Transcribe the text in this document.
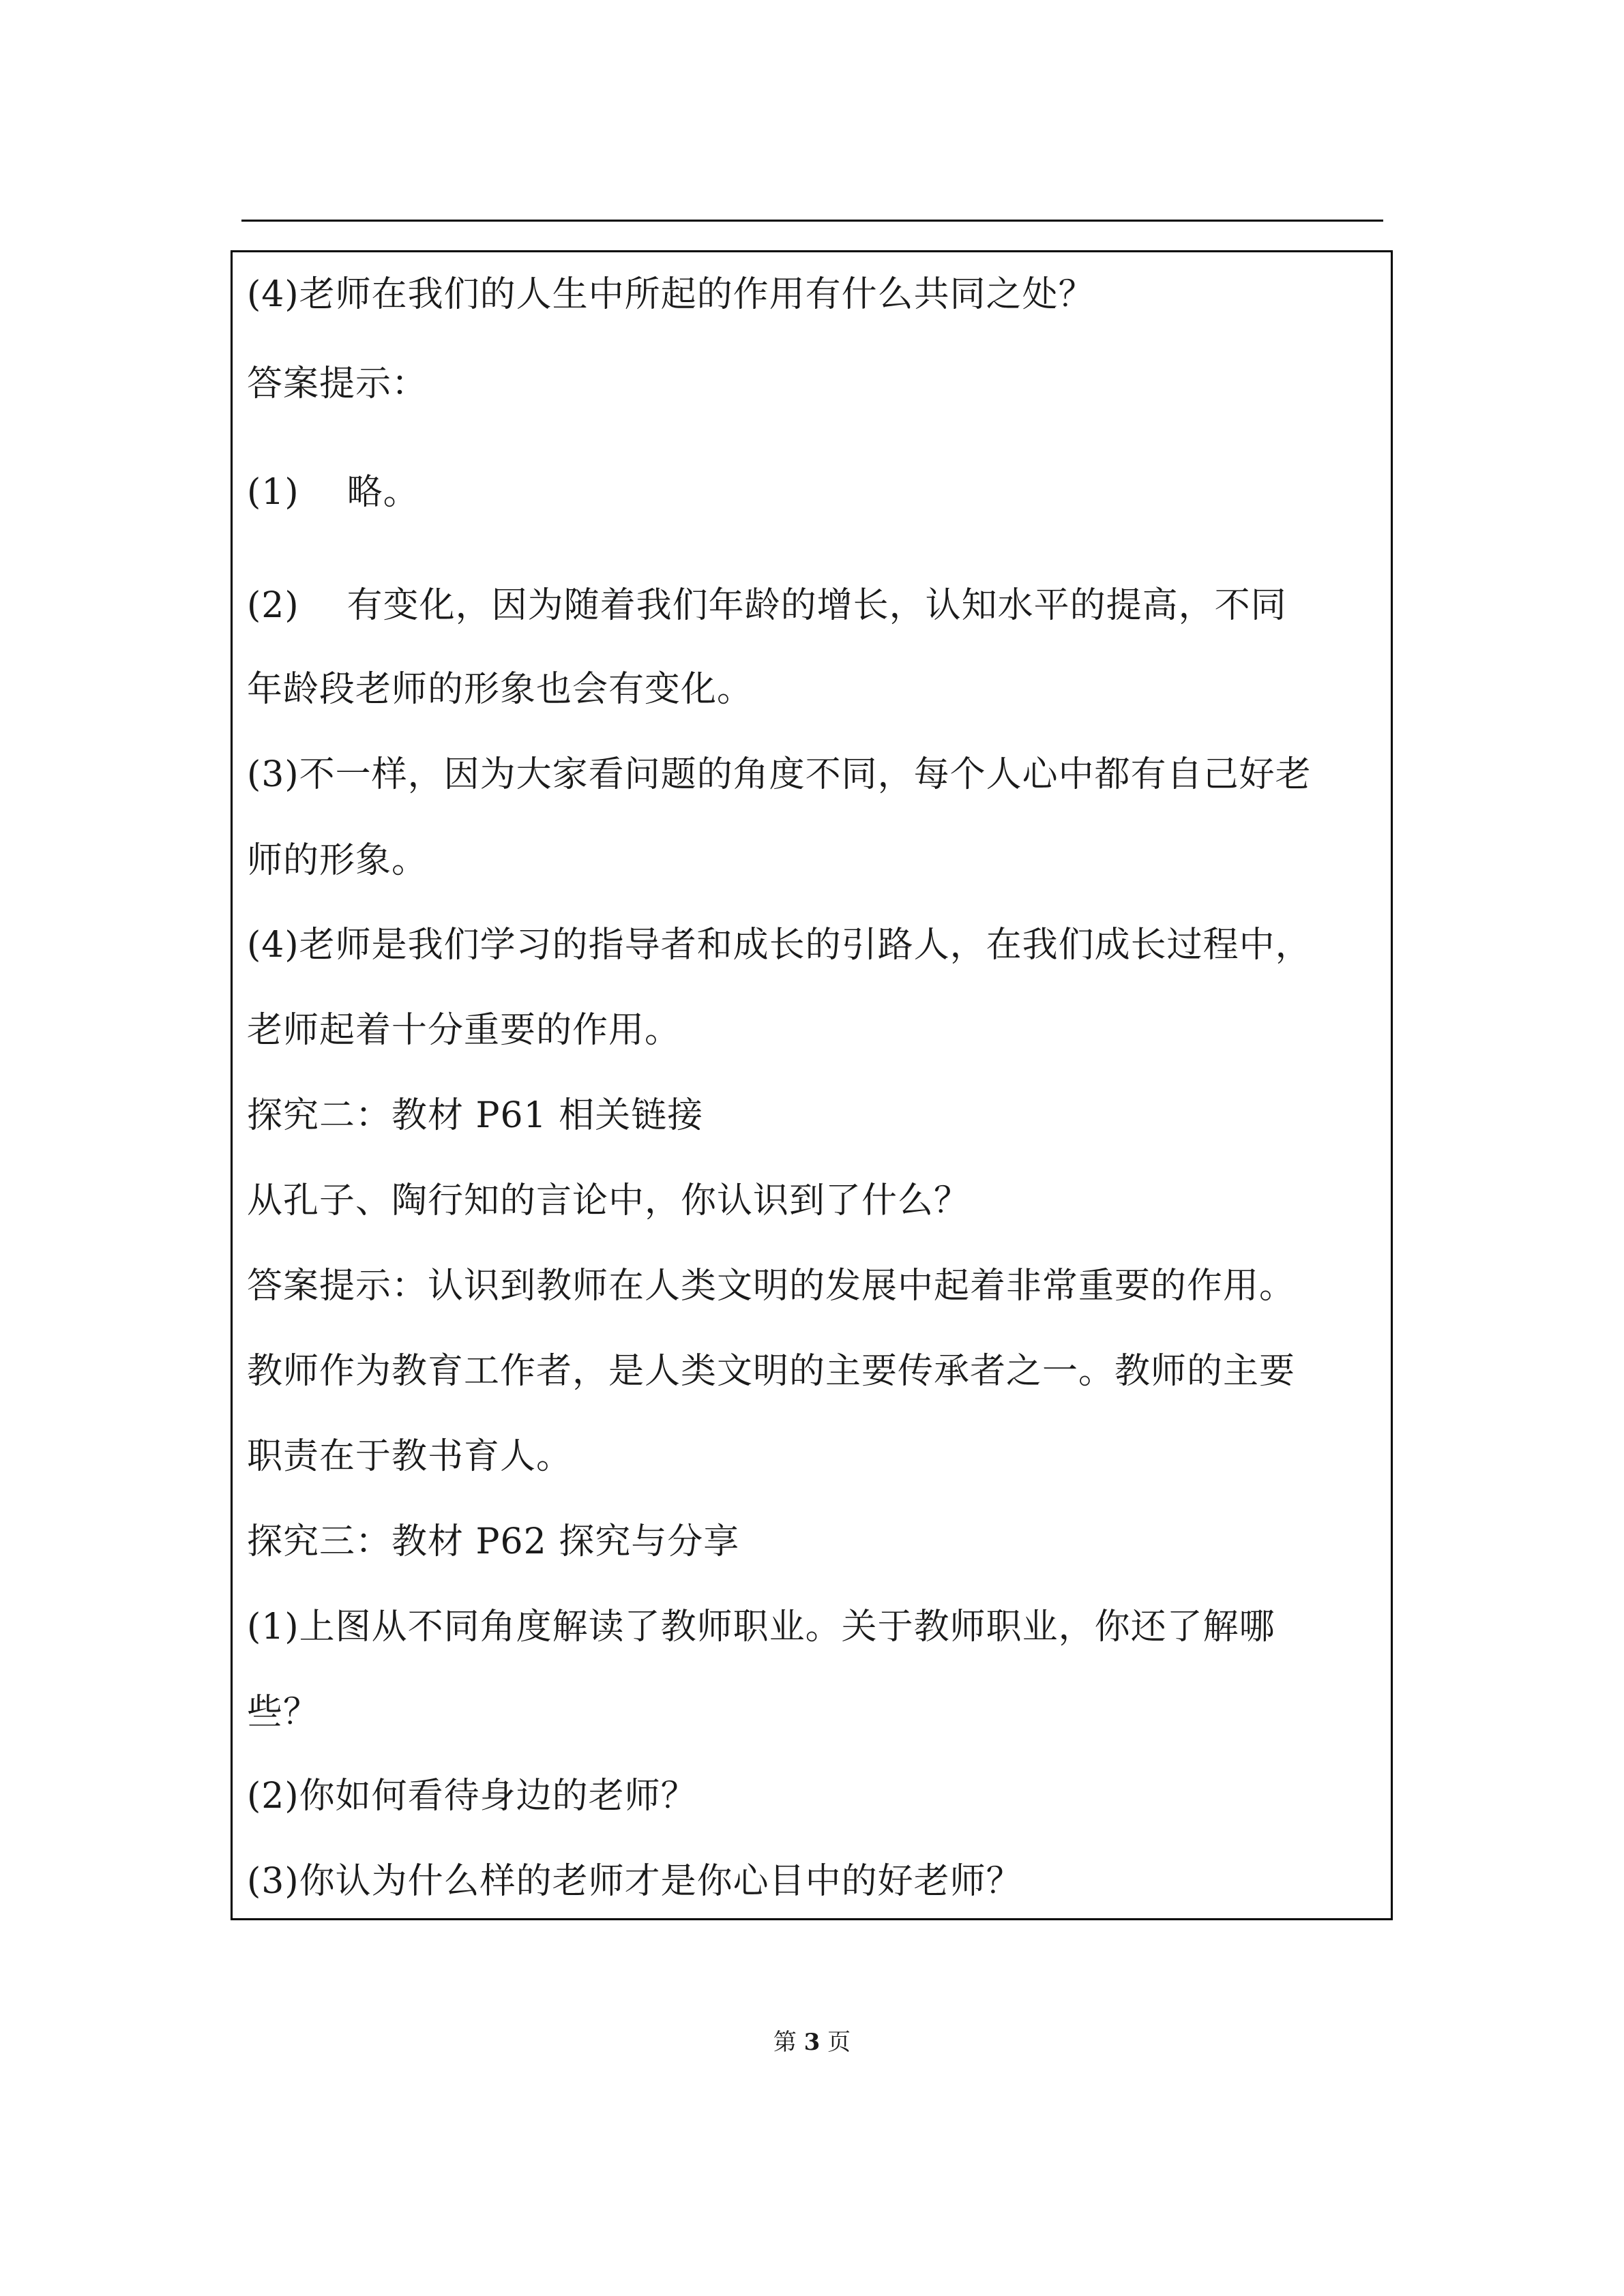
(4)老师在我们的人生中所起的作用有什么共同之处？
答案提示：
(1) 略。
(2) 有变化，因为随着我们年龄的增长，认知水平的提高，不同
年龄段老师的形象也会有变化。
(3)不一样，因为大家看问题的角度不同，每个人心中都有自己好老
师的形象。
(4)老师是我们学习的指导者和成长的引路人，在我们成长过程中，
老师起着十分重要的作用。
探究二：教材 P61 相关链接
从孔子、陶行知的言论中，你认识到了什么？
答案提示：认识到教师在人类文明的发展中起着非常重要的作用。
教师作为教育工作者，是人类文明的主要传承者之一。教师的主要
职责在于教书育人。
探究三：教材 P62 探究与分享
(1)上图从不同角度解读了教师职业。关于教师职业，你还了解哪
些？
(2)你如何看待身边的老师？
(3)你认为什么样的老师才是你心目中的好老师？
第 3 页
